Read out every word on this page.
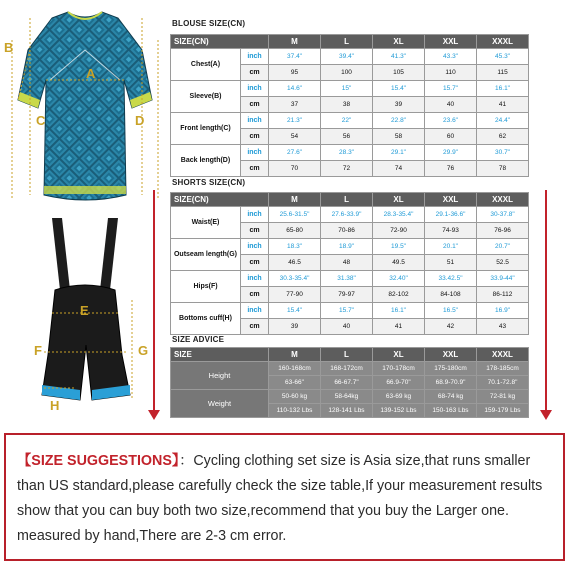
A
B
C	D
E
F	G
H
BLOUSE SIZE(CN)
SIZE(CN)		M	L	XL	XXL	XXXL
Chest(A)	inch	37.4"	39.4"	41.3"	43.3"	45.3"
	cm	95	100	105	110	115
Sleeve(B)	inch	14.6"	15"	15.4"	15.7"	16.1"
	cm	37	38	39	40	41
Front length(C)	inch	21.3"	22"	22.8"	23.6"	24.4"
	cm	54	56	58	60	62
Back length(D)	inch	27.6"	28.3"	29.1"	29.9"	30.7"
	cm	70	72	74	76	78
SHORTS SIZE(CN)
SIZE(CN)		M	L	XL	XXL	XXXL
Waist(E)	inch	25.6-31.5"	27.6-33.9"	28.3-35.4"	29.1-36.6"	30-37.8"
	cm	65-80	70-86	72-90	74-93	76-96
Outseam length(G)	inch	18.3"	18.9"	19.5"	20.1"	20.7"
	cm	46.5	48	49.5	51	52.5
Hips(F)	inch	30.3-35.4"	31.38"	32.40"	33.42.5"	33.9-44"
	cm	77-90	79-97	82-102	84-108	86-112
Bottoms cuff(H)	inch	15.4"	15.7"	16.1"	16.5"	16.9"
	cm	39	40	41	42	43
SIZE ADVICE
SIZE	M	L	XL	XXL	XXXL
Height	160-168cm	168-172cm	170-178cm	175-180cm	178-185cm
	63-66"	66-67.7"	66.9-70"	68.9-70.9"	70.1-72.8"
Weight	50-60 kg	58-64kg	63-69 kg	68-74 kg	72-81 kg
	110-132 Lbs	128-141 Lbs	139-152 Lbs	150-163 Lbs	159-179 Lbs

【SIZE SUGGESTIONS】：Cycling clothing set size is Asia size,that runs smaller than US standard,please carefully check the size table,If your measurement results show that you can buy both two size,recommend that you buy the Larger one. measured by hand,There are 2-3 cm error.
